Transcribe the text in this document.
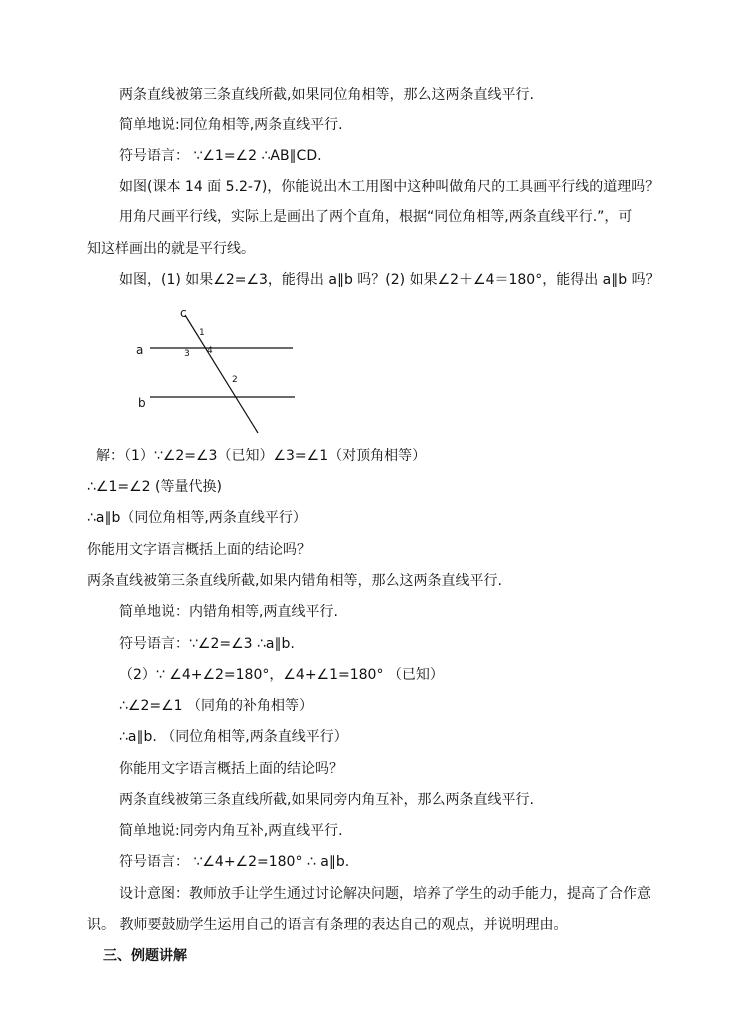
两条直线被第三条直线所截,如果同位角相等，那么这两条直线平行.
简单地说:同位角相等,两条直线平行.
符号语言： ∵∠1=∠2 ∴AB∥CD.
如图(课本 14 面 5.2-7)，你能说出木工用图中这种叫做角尺的工具画平行线的道理吗？
用角尺画平行线，实际上是画出了两个直角，根据“同位角相等,两条直线平行.”，可
知这样画出的就是平行线。
如图，(1) 如果∠2=∠3，能得出 a∥b 吗？(2) 如果∠2＋∠4＝180°，能得出 a∥b 吗？
c
a
b
1
3 4
2
解：（1）∵∠2=∠3（已知）∠3=∠1（对顶角相等）
∴∠1=∠2 (等量代换)
∴a∥b（同位角相等,两条直线平行）
你能用文字语言概括上面的结论吗？
两条直线被第三条直线所截,如果内错角相等，那么这两条直线平行.
简单地说：内错角相等,两直线平行.
符号语言：∵∠2=∠3 ∴a∥b.
（2）∵ ∠4+∠2=180°，∠4+∠1=180° （已知）
∴∠2=∠1 （同角的补角相等）
∴a∥b. （同位角相等,两条直线平行）
你能用文字语言概括上面的结论吗？
两条直线被第三条直线所截,如果同旁内角互补，那么两条直线平行.
简单地说:同旁内角互补,两直线平行.
符号语言： ∵∠4+∠2=180° ∴ a∥b.
设计意图：教师放手让学生通过讨论解决问题，培养了学生的动手能力，提高了合作意
识。 教师要鼓励学生运用自己的语言有条理的表达自己的观点，并说明理由。
三、例题讲解
